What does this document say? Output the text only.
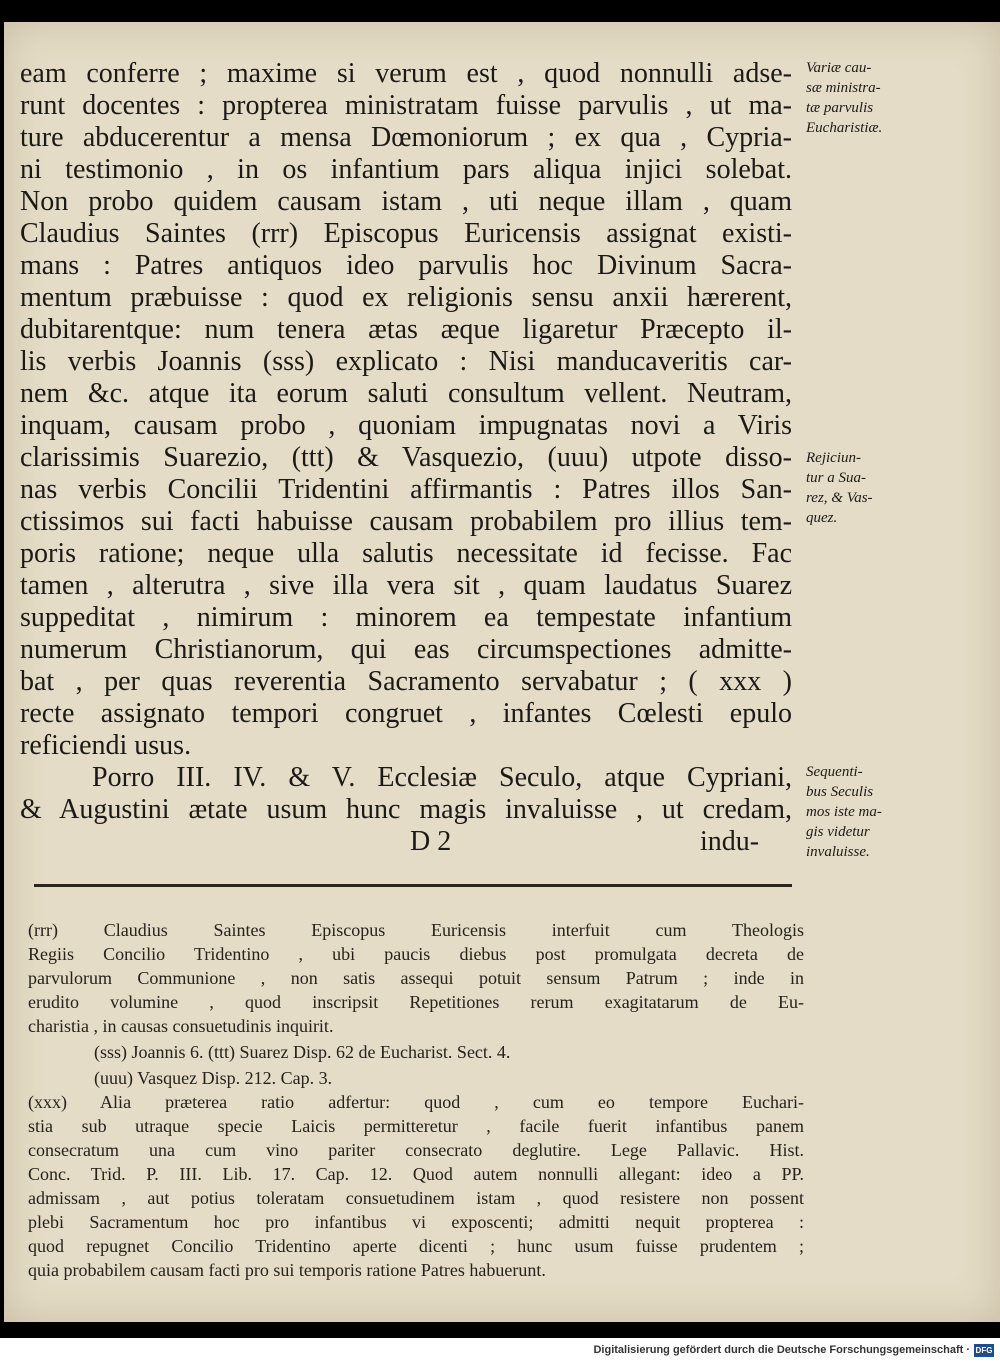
eam conferre ; maxime si verum est , quod nonnulli adse-
runt docentes : propterea ministratam fuisse parvulis , ut ma-
ture abducerentur a mensa Dœmoniorum ; ex qua , Cypria-
ni testimonio , in os infantium pars aliqua injici solebat.
Non probo quidem causam istam , uti neque illam , quam
Claudius Saintes (rrr) Episcopus Euricensis assignat existi-
mans : Patres antiquos ideo parvulis hoc Divinum Sacra-
mentum præbuisse : quod ex religionis sensu anxii hærerent,
dubitarentque: num tenera ætas æque ligaretur Præcepto il-
lis verbis Joannis (sss) explicato : Nisi manducaveritis car-
nem &c. atque ita eorum saluti consultum vellent. Neutram,
inquam, causam probo , quoniam impugnatas novi a Viris
clarissimis Suarezio, (ttt) & Vasquezio, (uuu) utpote disso-
nas verbis Concilii Tridentini affirmantis : Patres illos San-
ctissimos sui facti habuisse causam probabilem pro illius tem-
poris ratione; neque ulla salutis necessitate id fecisse. Fac
tamen , alterutra , sive illa vera sit , quam laudatus Suarez
suppeditat , nimirum : minorem ea tempestate infantium
numerum Christianorum, qui eas circumspectiones admitte-
bat , per quas reverentia Sacramento servabatur ; ( xxx )
recte assignato tempori congruet , infantes Cœlesti epulo
reficiendi usus.
Porro III. IV. & V. Ecclesiæ Seculo, atque Cypriani,
& Augustini ætate usum hunc magis invaluisse , ut credam,
D 2	indu-
Variæ cau-
sæ ministra-
tæ parvulis
Eucharistiæ.
Rejiciun-
tur a Sua-
rez, & Vas-
quez.
Sequenti-
bus Seculis
mos iste ma-
gis videtur
invaluisse.
(rrr) Claudius Saintes Episcopus Euricensis interfuit cum Theologis
Regiis Concilio Tridentino , ubi paucis diebus post promulgata decreta de
parvulorum Communione , non satis assequi potuit sensum Patrum ; inde in
erudito volumine , quod inscripsit Repetitiones rerum exagitatarum de Eu-
charistia , in causas consuetudinis inquirit.
(sss) Joannis 6. (ttt) Suarez Disp. 62 de Eucharist. Sect. 4.
(uuu) Vasquez Disp. 212. Cap. 3.
(xxx) Alia præterea ratio adfertur: quod , cum eo tempore Euchari-
stia sub utraque specie Laicis permitteretur , facile fuerit infantibus panem
consecratum una cum vino pariter consecrato deglutire. Lege Pallavic. Hist.
Conc. Trid. P. III. Lib. 17. Cap. 12. Quod autem nonnulli allegant: ideo a PP.
admissam , aut potius toleratam consuetudinem istam , quod resistere non possent
plebi Sacramentum hoc pro infantibus vi exposcenti; admitti nequit propterea :
quod repugnet Concilio Tridentino aperte dicenti ; hunc usum fuisse prudentem ;
quia probabilem causam facti pro sui temporis ratione Patres habuerunt.
Digitalisierung gefördert durch die Deutsche Forschungsgemeinschaft · DFG
